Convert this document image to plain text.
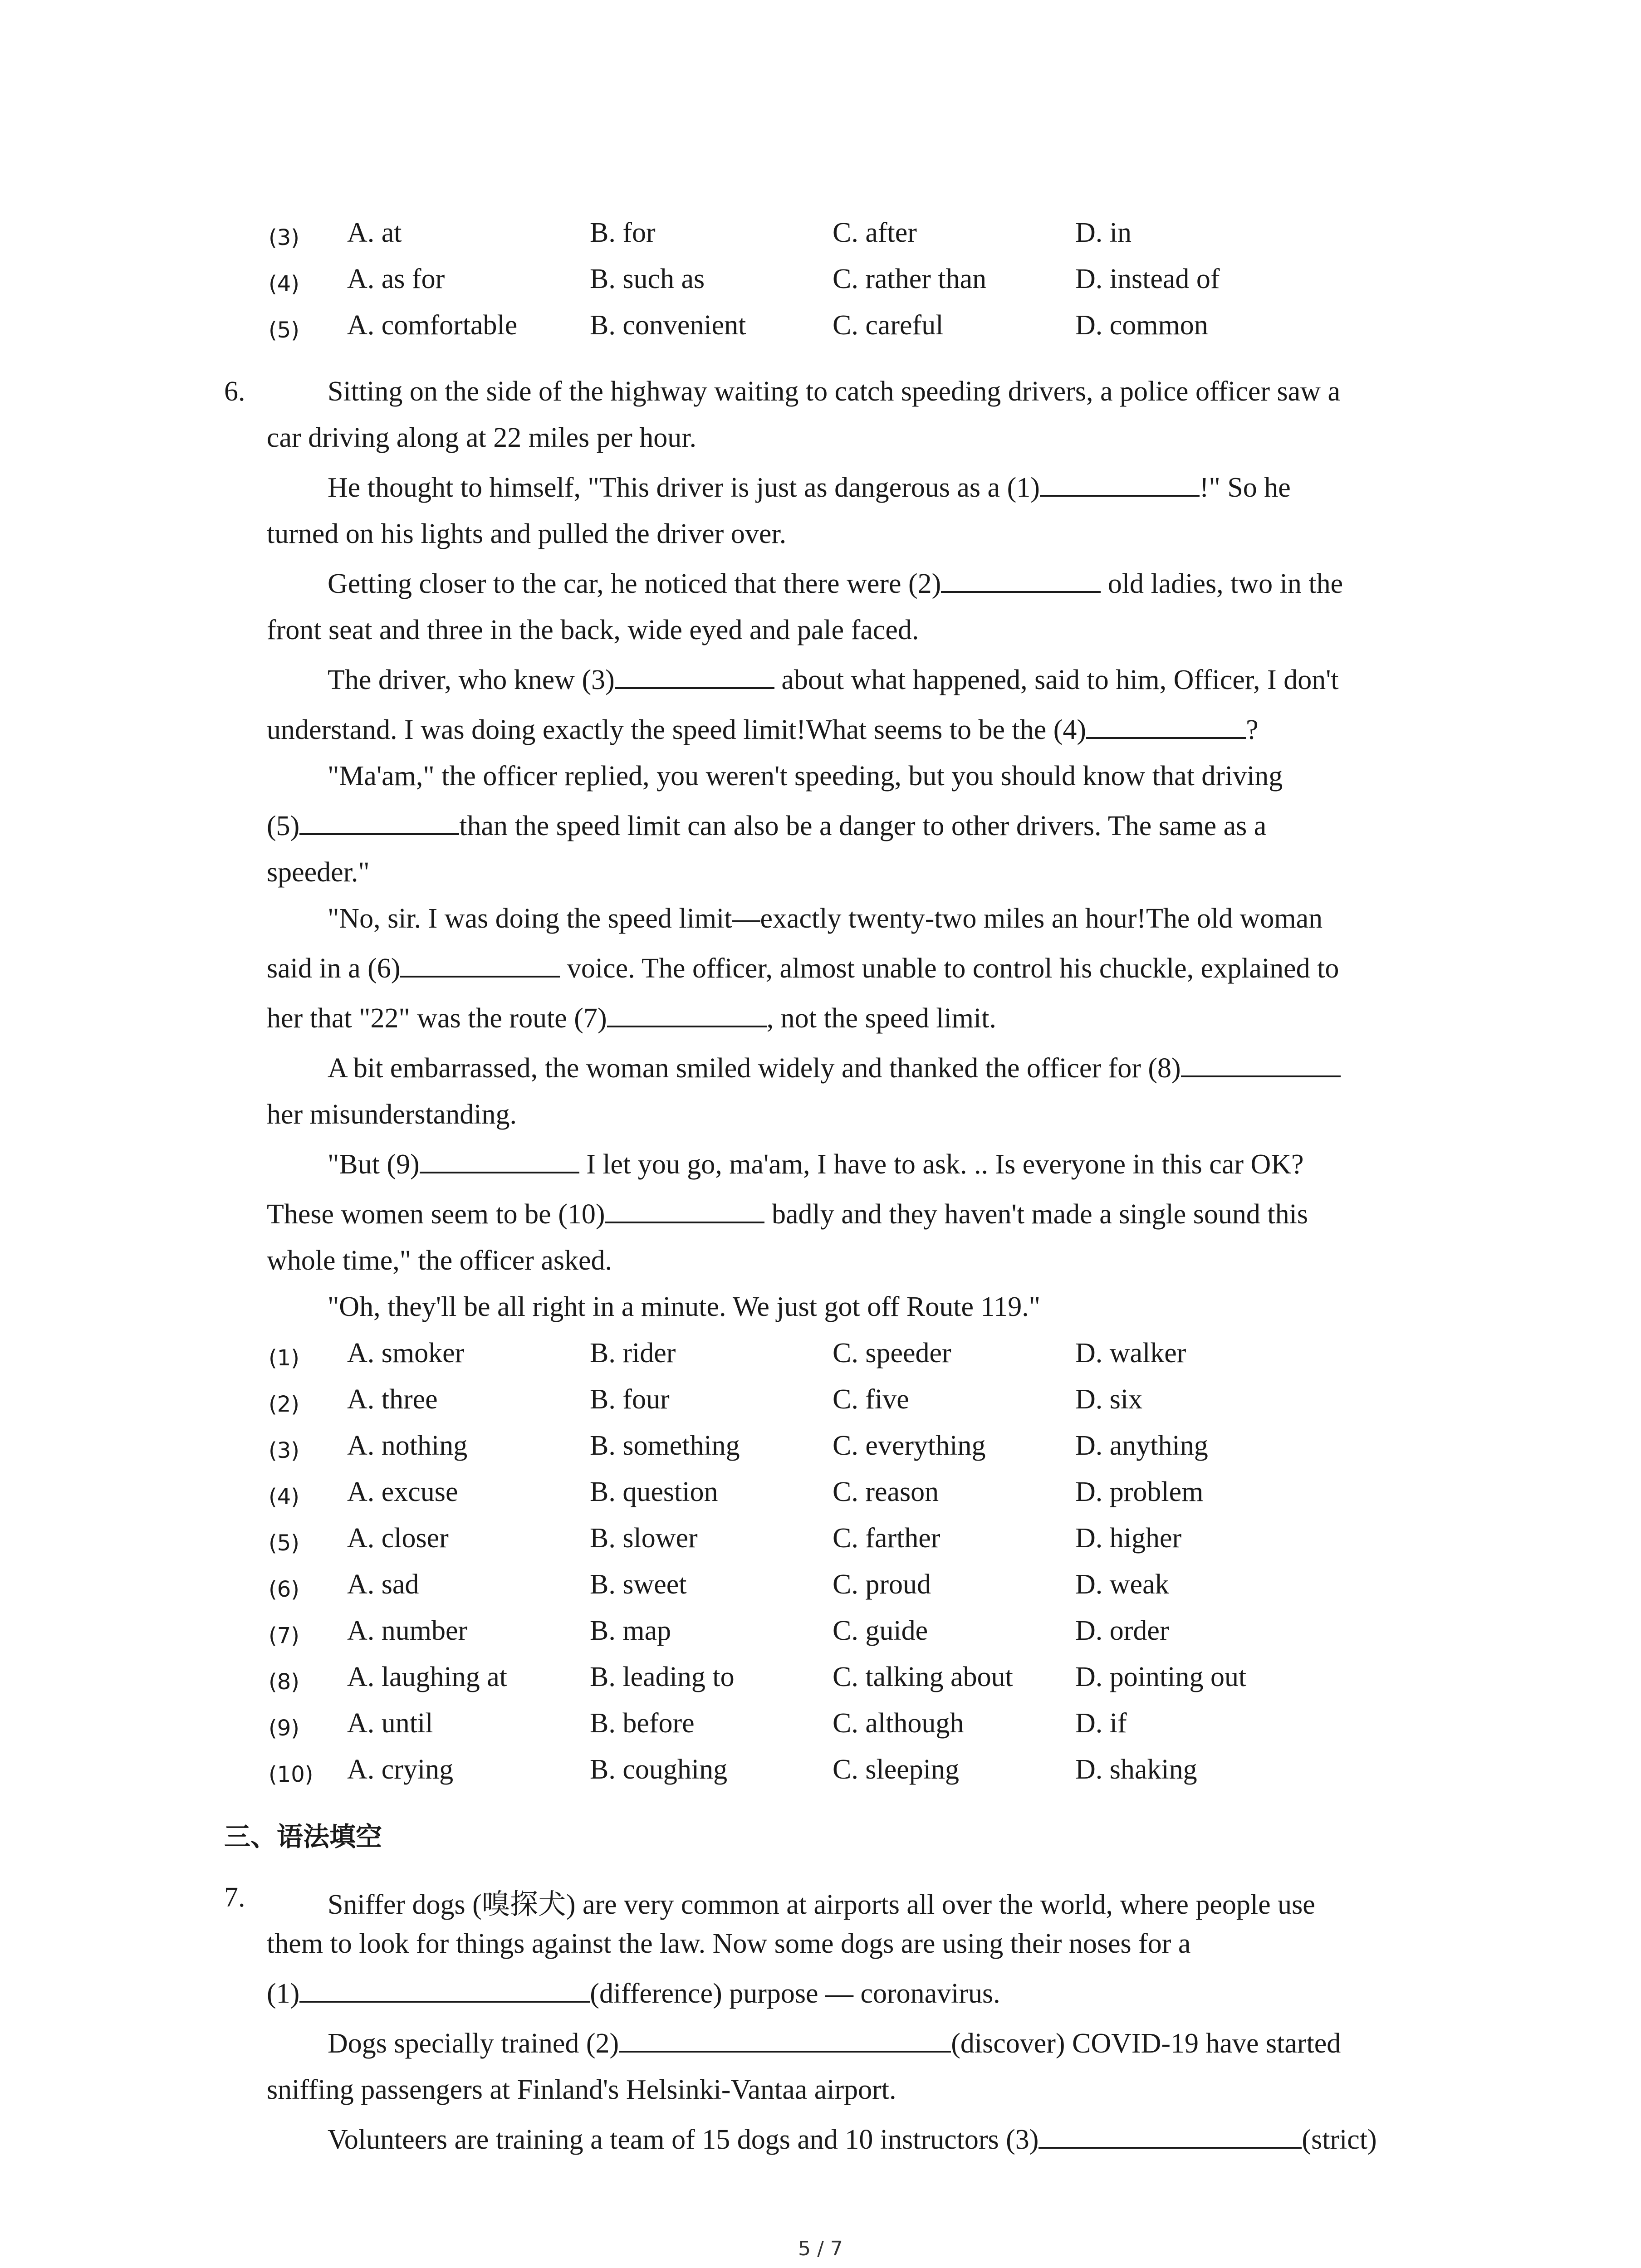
(3) A. at	B. for	C. after	D. in
(4) A. as for	B. such as	C. rather than	D. instead of
(5) A. comfortable	B. convenient	C. careful	D. common
6.	Sitting on the side of the highway waiting to catch speeding drivers, a police officer saw a
car driving along at 22 miles per hour.
He thought to himself, "This driver is just as dangerous as a (1)	!" So he
turned on his lights and pulled the driver over.
Getting closer to the car, he noticed that there were (2)	old ladies, two in the
front seat and three in the back, wide eyed and pale faced.
The driver, who knew (3)	about what happened, said to him, Officer, I don't
understand. I was doing exactly the speed limit!What seems to be the (4)	?
"Ma'am," the officer replied, you weren't speeding, but you should know that driving
(5)	than the speed limit can also be a danger to other drivers. The same as a
speeder."
"No, sir. I was doing the speed limit—exactly twenty-two miles an hour!The old woman
said in a (6)	voice. The officer, almost unable to control his chuckle, explained to
her that "22" was the route (7)	, not the speed limit.
A bit embarrassed, the woman smiled widely and thanked the officer for (8)
her misunderstanding.
"But (9)	I let you go, ma'am, I have to ask. .. Is everyone in this car OK?
These women seem to be (10)	badly and they haven't made a single sound this
whole time," the officer asked.
"Oh, they'll be all right in a minute. We just got off Route 119."
(1) A. smoker	B. rider	C. speeder	D. walker
(2) A. three	B. four	C. five	D. six
(3) A. nothing	B. something	C. everything	D. anything
(4) A. excuse	B. question	C. reason	D. problem
(5) A. closer	B. slower	C. farther	D. higher
(6) A. sad	B. sweet	C. proud	D. weak
(7) A. number	B. map	C. guide	D. order
(8) A. laughing at	B. leading to	C. talking about D. pointing out
(9) A. until	B. before	C. although	D. if
(10) A. crying	B. coughing	C. sleeping	D. shaking
三、语法填空
7.	Sniffer dogs (嗅探犬) are very common at airports all over the world, where people use
them to look for things against the law. Now some dogs are using their noses for a
(1)	(difference) purpose — coronavirus.
Dogs specially trained (2)	(discover) COVID-19 have started
sniffing passengers at Finland's Helsinki-Vantaa airport.
Volunteers are training a team of 15 dogs and 10 instructors (3)	(strict)
5 / 7
